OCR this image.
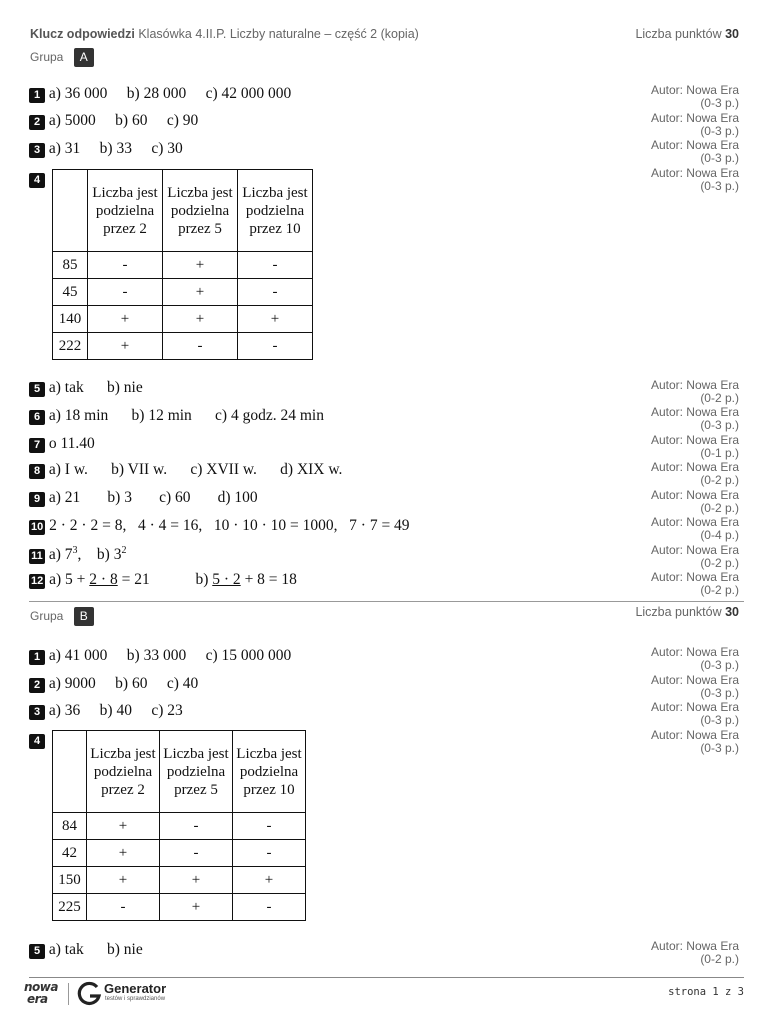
Klucz odpowiedzi Klasówka 4.II.P. Liczby naturalne – część 2 (kopia)	Liczba punktów 30
Grupa A
1 a) 36 000     b) 28 000     c) 42 000 000
2 a) 5000     b) 60     c) 90
3 a) 31     b) 33     c) 30
4
	Liczba jest podzielna przez 2	Liczba jest podzielna przez 5	Liczba jest podzielna przez 10
85	-	+	-
45	-	+	-
140	+	+	+
222	+	-	-
5 a) tak      b) nie
6 a) 18 min      b) 12 min      c) 4 godz. 24 min
7 o 11.40
8 a) I w.      b) VII w.      c) XVII w.      d) XIX w.
9 a) 21       b) 3       c) 60       d) 100
10 2 · 2 · 2 = 8,   4 · 4 = 16,   10 · 10 · 10 = 1000,   7 · 7 = 49
11 a) $7^3$,    b) $3^2$
12 a) 5 + 2 · 8 = 21	b) 5 · 2 + 8 = 18
Autor: Nowa Era
(0-3 p.)
Autor: Nowa Era
(0-3 p.)
Autor: Nowa Era
(0-3 p.)
Autor: Nowa Era
(0-3 p.)
Autor: Nowa Era
(0-2 p.)
Autor: Nowa Era
(0-3 p.)
Autor: Nowa Era
(0-1 p.)
Autor: Nowa Era
(0-2 p.)
Autor: Nowa Era
(0-2 p.)
Autor: Nowa Era
(0-4 p.)
Autor: Nowa Era
(0-2 p.)
Autor: Nowa Era
(0-2 p.)
Grupa B	Liczba punktów 30
1 a) 41 000     b) 33 000     c) 15 000 000
2 a) 9000     b) 60     c) 40
3 a) 36     b) 40     c) 23
4
	Liczba jest podzielna przez 2	Liczba jest podzielna przez 5	Liczba jest podzielna przez 10
84	+	-	-
42	+	-	-
150	+	+	+
225	-	+	-
5 a) tak      b) nie
Autor: Nowa Era
(0-3 p.)
Autor: Nowa Era
(0-3 p.)
Autor: Nowa Era
(0-3 p.)
Autor: Nowa Era
(0-3 p.)
Autor: Nowa Era
(0-2 p.)
nowa
era
Generator
testów i sprawdzianów
strona 1 z 3
